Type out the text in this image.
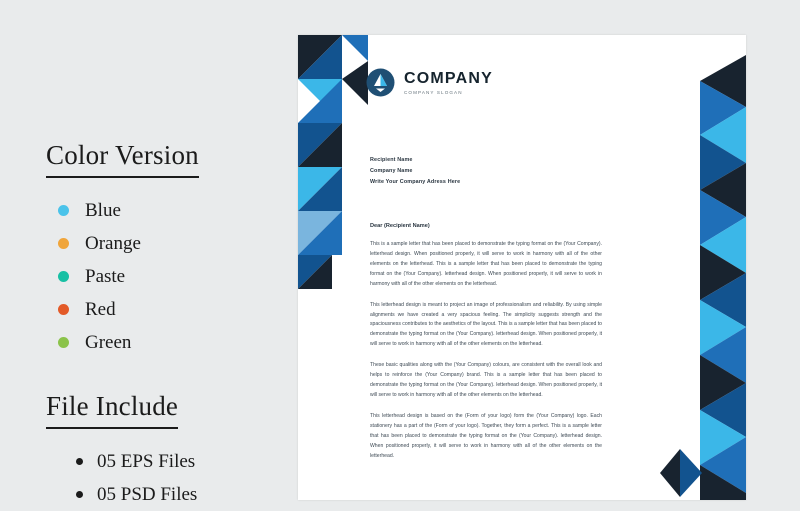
Color Version
Blue
Orange
Paste
Red
Green
File Include
05 EPS Files
05 PSD Files
COMPANY
COMPANY SLOGAN
Recipient Name
Company Name
Write Your Company Adress Here
Dear (Recipient Name)

This is a sample letter that has been placed to demonstrate the typing format on the (Your Company). letterhead design. When positioned properly, it will serve to work in harmony with all of the other elements on the letterhead. This is a sample letter that has been placed to demonstrate the typing format on the (Your Company). letterhead design. When positioned properly, it will serve to work in harmony with all of the other elements on the letterhead.

This letterhead design is meant to project an image of professionalism and reliability. By using simple alignments we have created a very spacious feeling. The simplicity suggests strength and the spaciousness contributes to the aesthetics of the layout. This is a sample letter that has been placed to demonstrate the typing format on the (Your Company). letterhead design. When positioned properly, it will serve to work in harmony with all of the other elements on the letterhead.

These basic qualities along with the (Your Company) colours, are consistent with the overall look and helps to reinforce the (Your Company) brand. This is a sample letter that has been placed to demonstrate the typing format on the (Your Company). letterhead design. When positioned properly, it will serve to work in harmony with all of the other elements on the letterhead.

This letterhead design is based on the (Form of your logo) form the (Your Company) logo. Each stationery has a part of the (Form of your logo). Together, they form a perfect. This is a sample letter that has been placed to demonstrate the typing format on the (Your Company). letterhead design. When positioned properly, it will serve to work in harmony with all of the other elements on the letterhead.
